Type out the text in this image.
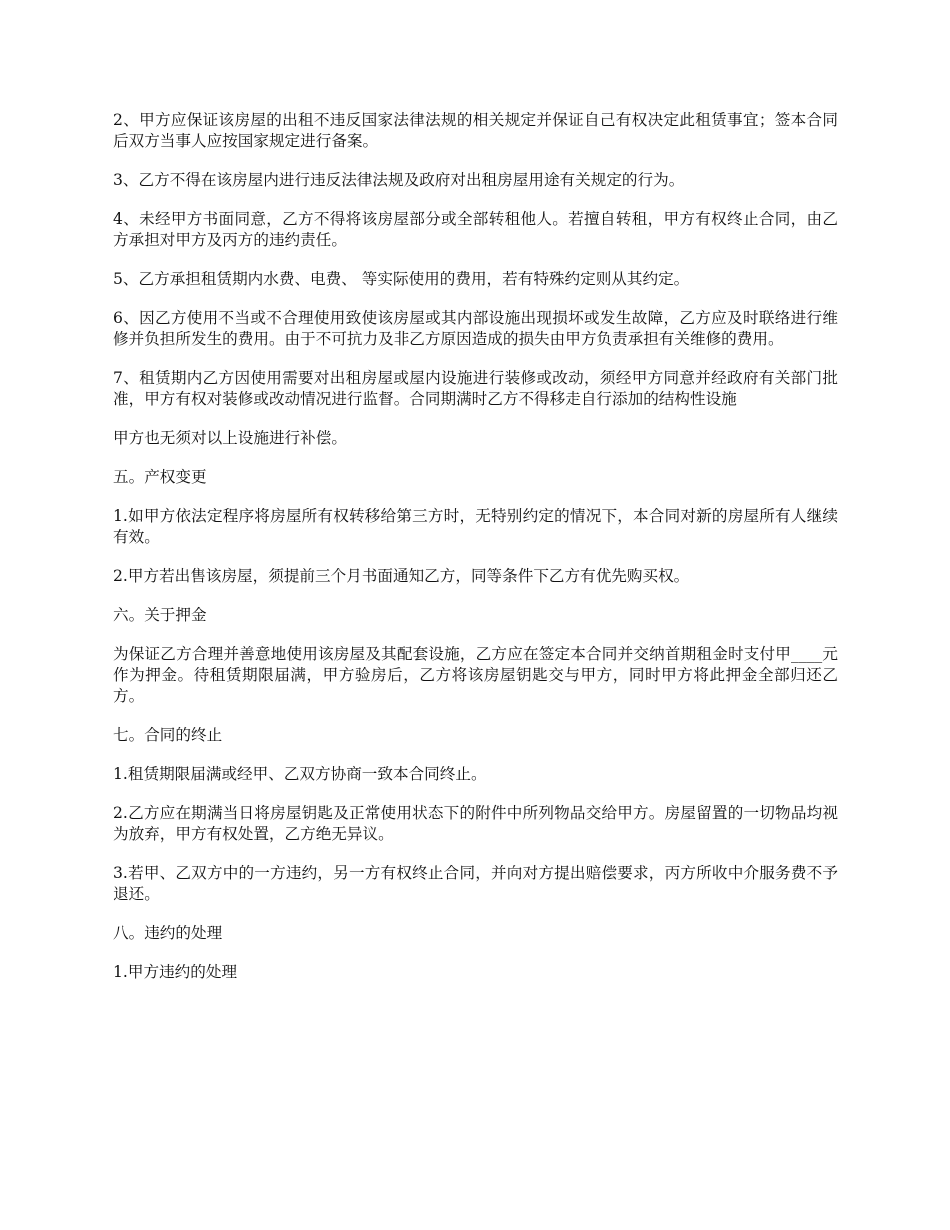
2、甲方应保证该房屋的出租不违反国家法律法规的相关规定并保证自己有权决定此租赁事宜；签本合同后双方当事人应按国家规定进行备案。

3、乙方不得在该房屋内进行违反法律法规及政府对出租房屋用途有关规定的行为。

4、未经甲方书面同意，乙方不得将该房屋部分或全部转租他人。若擅自转租，甲方有权终止合同，由乙方承担对甲方及丙方的违约责任。

5、乙方承担租赁期内水费、电费、 等实际使用的费用，若有特殊约定则从其约定。

6、因乙方使用不当或不合理使用致使该房屋或其内部设施出现损坏或发生故障，乙方应及时联络进行维修并负担所发生的费用。由于不可抗力及非乙方原因造成的损失由甲方负责承担有关维修的费用。

7、租赁期内乙方因使用需要对出租房屋或屋内设施进行装修或改动，须经甲方同意并经政府有关部门批准，甲方有权对装修或改动情况进行监督。合同期满时乙方不得移走自行添加的结构性设施

甲方也无须对以上设施进行补偿。

五。产权变更

1.如甲方依法定程序将房屋所有权转移给第三方时，无特别约定的情况下，本合同对新的房屋所有人继续有效。

2.甲方若出售该房屋，须提前三个月书面通知乙方，同等条件下乙方有优先购买权。

六。关于押金

为保证乙方合理并善意地使用该房屋及其配套设施，乙方应在签定本合同并交纳首期租金时支付甲____元作为押金。待租赁期限届满，甲方验房后，乙方将该房屋钥匙交与甲方，同时甲方将此押金全部归还乙方。

七。合同的终止

1.租赁期限届满或经甲、乙双方协商一致本合同终止。

2.乙方应在期满当日将房屋钥匙及正常使用状态下的附件中所列物品交给甲方。房屋留置的一切物品均视为放弃，甲方有权处置，乙方绝无异议。

3.若甲、乙双方中的一方违约，另一方有权终止合同，并向对方提出赔偿要求，丙方所收中介服务费不予退还。

八。违约的处理

1.甲方违约的处理
